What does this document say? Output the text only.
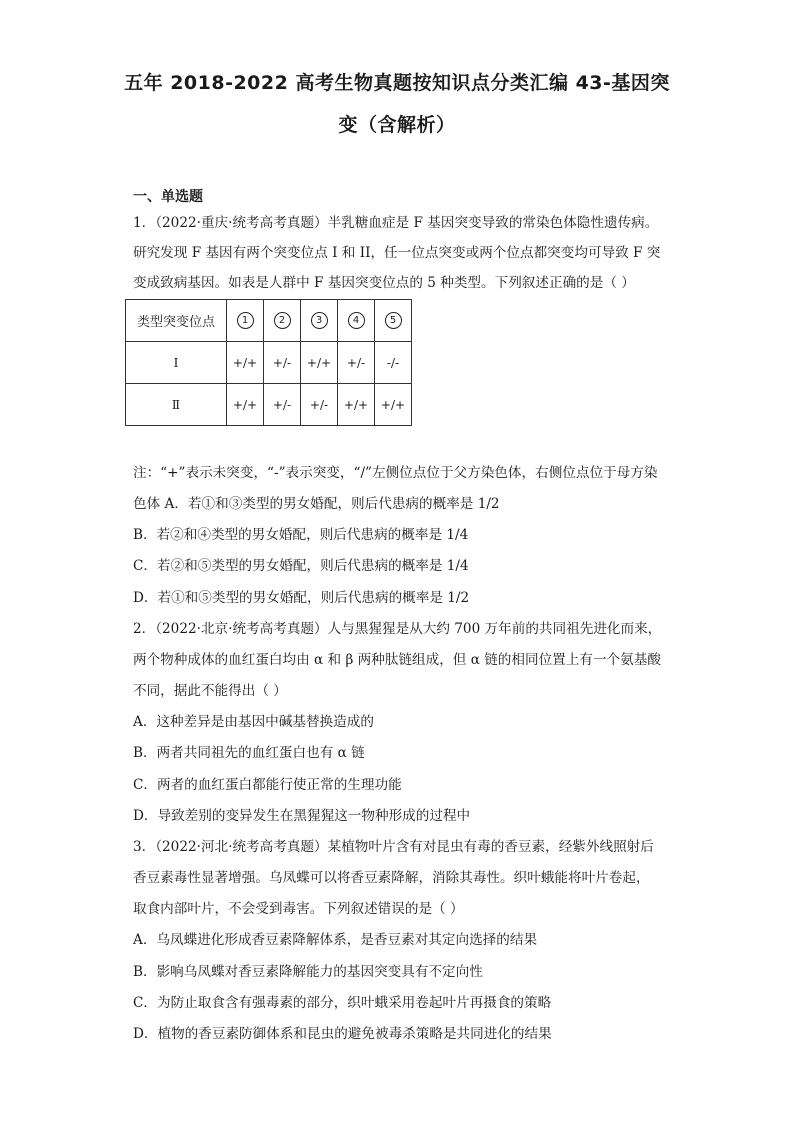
五年 2018-2022 高考生物真题按知识点分类汇编 43-基因突
变（含解析）
一、单选题
1．（2022·重庆·统考高考真题）半乳糖血症是 F 基因突变导致的常染色体隐性遗传病。
研究发现 F 基因有两个突变位点 I 和 II，任一位点突变或两个位点都突变均可导致 F 突
变成致病基因。如表是人群中 F 基因突变位点的 5 种类型。下列叙述正确的是（ ）
类型突变位点	1	2	3	4	5
I	+/+	+/-	+/+	+/-	-/-
Ⅱ	+/+	+/-	+/-	+/+	+/+
注：“+”表示未突变，“-”表示突变，“/”左侧位点位于父方染色体，右侧位点位于母方染
色体 A．若①和③类型的男女婚配，则后代患病的概率是 1/2
B．若②和④类型的男女婚配，则后代患病的概率是 1/4
C．若②和⑤类型的男女婚配，则后代患病的概率是 1/4
D．若①和⑤类型的男女婚配，则后代患病的概率是 1/2
2．（2022·北京·统考高考真题）人与黑猩猩是从大约 700 万年前的共同祖先进化而来，
两个物种成体的血红蛋白均由 α 和 β 两种肽链组成，但 α 链的相同位置上有一个氨基酸
不同，据此不能得出（ ）
A．这种差异是由基因中碱基替换造成的
B．两者共同祖先的血红蛋白也有 α 链
C．两者的血红蛋白都能行使正常的生理功能
D．导致差别的变异发生在黑猩猩这一物种形成的过程中
3．（2022·河北·统考高考真题）某植物叶片含有对昆虫有毒的香豆素，经紫外线照射后
香豆素毒性显著增强。乌凤蝶可以将香豆素降解，消除其毒性。织叶蛾能将叶片卷起，
取食内部叶片，不会受到毒害。下列叙述错误的是（ ）
A．乌凤蝶进化形成香豆素降解体系，是香豆素对其定向选择的结果
B．影响乌凤蝶对香豆素降解能力的基因突变具有不定向性
C．为防止取食含有强毒素的部分，织叶蛾采用卷起叶片再摄食的策略
D．植物的香豆素防御体系和昆虫的避免被毒杀策略是共同进化的结果
